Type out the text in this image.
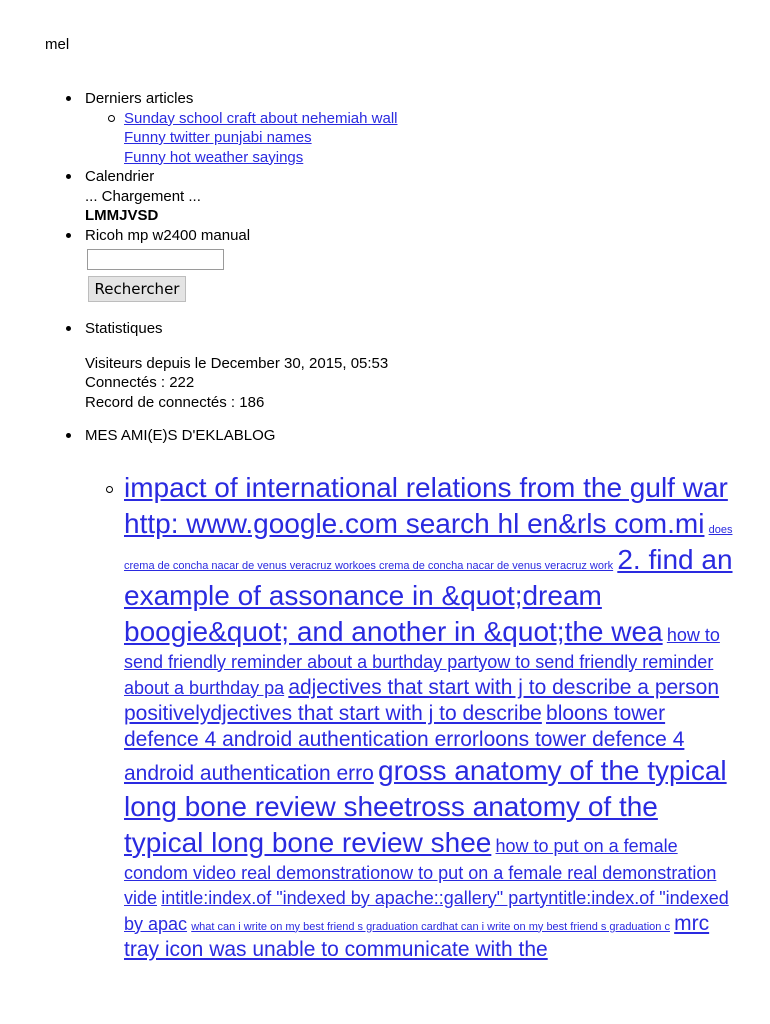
mel
Derniers articles
Sunday school craft about nehemiah wall
Funny twitter punjabi names
Funny hot weather sayings
Calendrier
... Chargement ...
LMMJVSD
Ricoh mp w2400 manual
Rechercher
Statistiques
Visiteurs depuis le December 30, 2015, 05:53
Connectés : 222
Record de connectés : 186
MES AMI(E)S D'EKLABLOG
impact of international relations from the gulf war http: www.google.com search hl en&rls com.mi does crema de concha nacar de venus veracruz workoes crema de concha nacar de venus veracruz work 2. find an example of assonance in &quot;dream boogie&quot; and another in &quot;the wea how to send friendly reminder about a burthday partyow to send friendly reminder about a burthday pa adjectives that start with j to describe a person positivelydjectives that start with j to describe bloons tower defence 4 android authentication errorloons tower defence 4 android authentication erro gross anatomy of the typical long bone review sheetross anatomy of the typical long bone review shee how to put on a female condom video real demonstrationow to put on a female real demonstration vide intitle:index.of "indexed by apache::gallery" partyntitle:index.of "indexed by apac what can i write on my best friend s graduation cardhat can i write on my best friend s graduation c mrc tray icon was unable to communicate with the
